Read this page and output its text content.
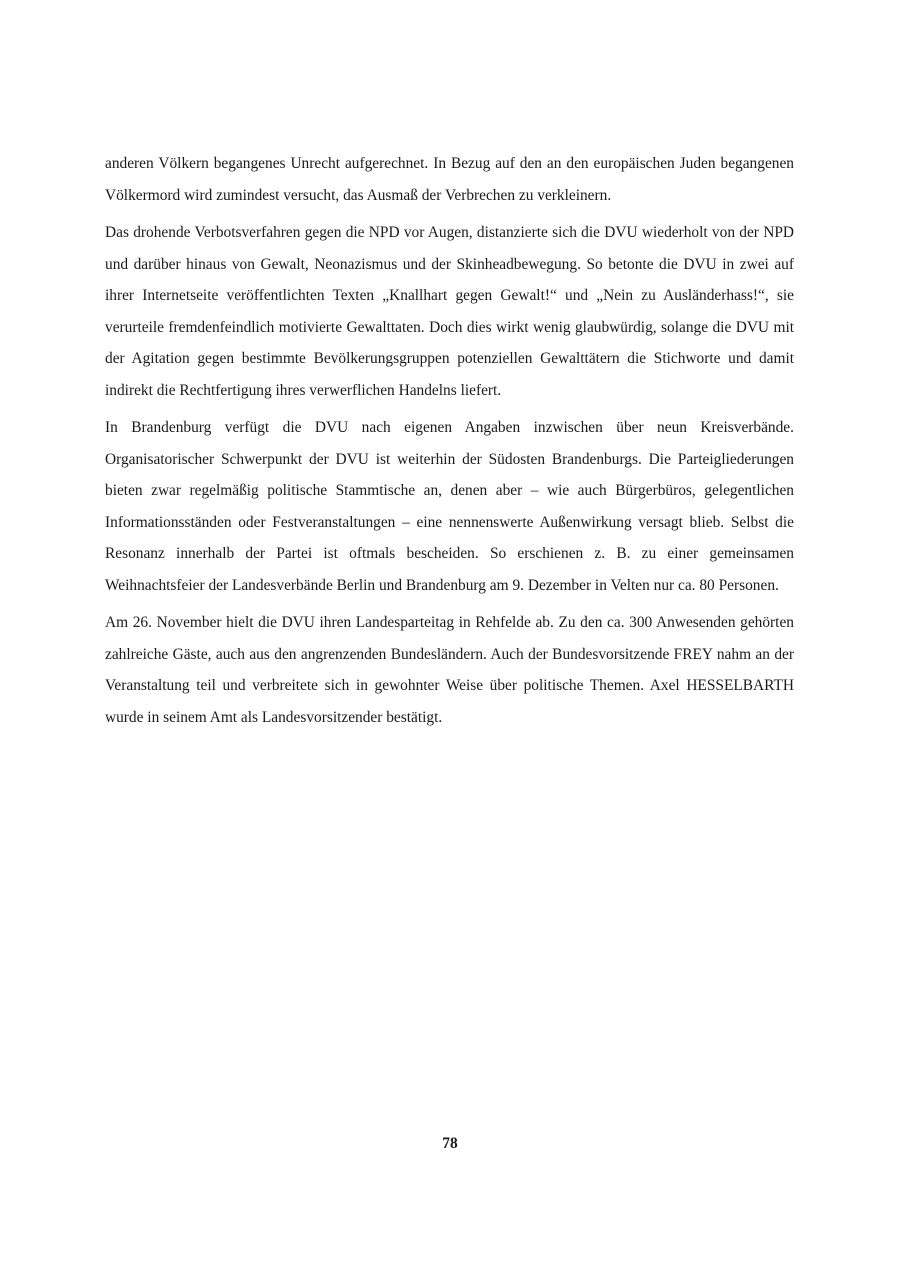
anderen Völkern begangenes Unrecht aufgerechnet. In Bezug auf den an den europäischen Juden begangenen Völkermord wird zumindest versucht, das Ausmaß der Verbrechen zu verkleinern.

Das drohende Verbotsverfahren gegen die NPD vor Augen, distanzierte sich die DVU wiederholt von der NPD und darüber hinaus von Gewalt, Neonazismus und der Skinheadbewegung. So betonte die DVU in zwei auf ihrer Internetseite veröffentlichten Texten „Knallhart gegen Gewalt!“ und „Nein zu Ausländerhass!“, sie verurteile fremdenfeindlich motivierte Gewalttaten. Doch dies wirkt wenig glaubwürdig, solange die DVU mit der Agitation gegen bestimmte Bevölkerungsgruppen potenziellen Gewalttätern die Stichworte und damit indirekt die Rechtfertigung ihres verwerflichen Handelns liefert.

In Brandenburg verfügt die DVU nach eigenen Angaben inzwischen über neun Kreisverbände. Organisatorischer Schwerpunkt der DVU ist weiterhin der Südosten Brandenburgs. Die Parteigliederungen bieten zwar regelmäßig politische Stammtische an, denen aber – wie auch Bürgerbüros, gelegentlichen Informationsständen oder Festveranstaltungen – eine nennenswerte Außenwirkung versagt blieb. Selbst die Resonanz innerhalb der Partei ist oftmals bescheiden. So erschienen z. B. zu einer gemeinsamen Weihnachtsfeier der Landesverbände Berlin und Brandenburg am 9. Dezember in Velten nur ca. 80 Personen.

Am 26. November hielt die DVU ihren Landesparteitag in Rehfelde ab. Zu den ca. 300 Anwesenden gehörten zahlreiche Gäste, auch aus den angrenzenden Bundesländern. Auch der Bundesvorsitzende FREY nahm an der Veranstaltung teil und verbreitete sich in gewohnter Weise über politische Themen. Axel HESSELBARTH wurde in seinem Amt als Landesvorsitzender bestätigt.

78
